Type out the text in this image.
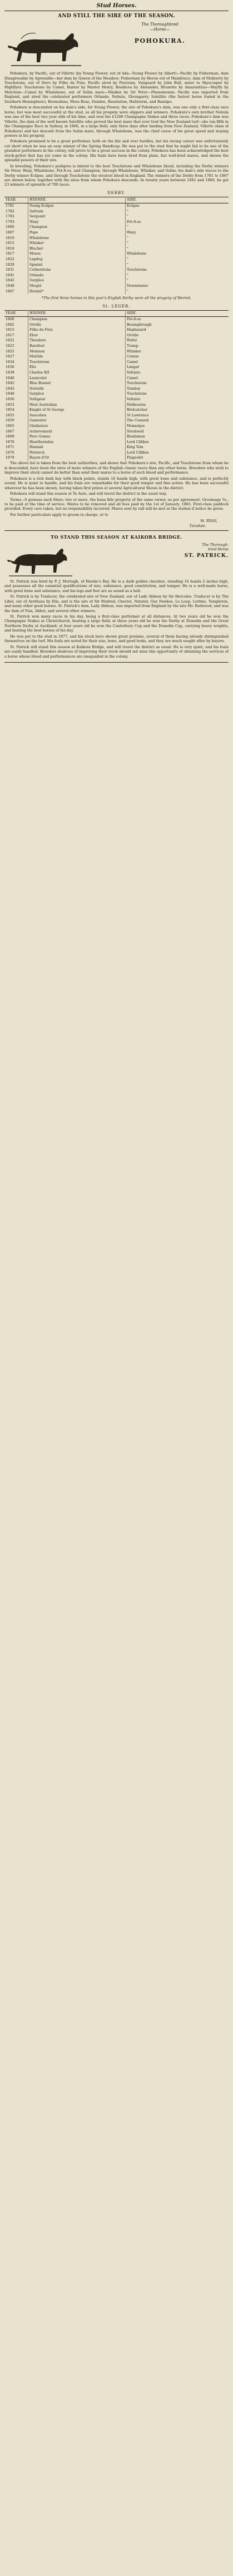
Stud Horses.
AND STILL THE SIRE OF THE SEASON.
The Thoroughbred
—Horse—
POHOKURA.

Pohokura, by Pacific, out of Villette (by Young Flower, out of Ada—Young Flower by Albert)—Pacific by Fisherman, dam Disagreeable by Agreeable—her dam by Queen of the Meadow; Fisherman by Heron out of Mainbrace, dam of Mulberry by Touchstone, out of Dove by Filho da Puta. Pacific sired by Peruvian, Vanguard by John Bull, sister to Skyscraper by Highflyer. Touchstone by Camel, Banter by Master Henry, Boadicea by Alexander, Brunette by Amaranthus—Mayfly by Matchem—Camel by Whalebone, out of Selim mare—Maiden by Sir Peter—Phenomenon. Pacific was imported from England, and sired the celebrated performers Orlando, Nebula, Gleongarry, Satellite (the fastest horse foaled in the Southern Hemisphere), Boomshine, Moss Rose, Dundee, Resolution, Hailstorm, and Banzipo.

Pohokura is descended on his dam's side, for Young Flower, the sire of Pohokura's dam, was one only a first-class race horse, but was most successful at the stud, as all his progeny were slippers and winners. Pohokura's own brother Nebula was one of the best two year olds of his time, and won the £1200 Champagne Stakes and three races. Pohokura's dam was Villette, the dam of the well known Satellite who proved the best mare that ever trod the New Zealand turf—she ran fifth in the Champagne Race in Sydney, in 1860, in a large field, only three days after landing from New Zealand, Villette (dam of Pohokura) and her descent from the Selim mare, through Whalebone, was the chief cause of his great speed and staying powers in his progeny.

Pohokura promised to be a great performer, both on the flat and over hurdles, but his racing career was unfortunately cut short when he was an easy winner of the Spring Handicap. He was put to the stud that he might fail to be one of the grandest performers in the colony, will prove to be a great success in the colony. Pohokura has been acknowledged the best stock-getter that has yet come in the colony. His foals have been bred from plain, but well-bred mares, and shown the splendid powers of their sire.

In breeding, Pohokura's pedigree is inbred to the best Touchstone and Whalebone blood, including the Derby winners Sir Peter, Waxy, Whalebone, Pot-8-os, and Champion, through Whalebone, Whisker, and Selim; his dam's side traces to the Derby winner Eclipse, and through Touchstone the stoutest blood in England. The winners of the Derby from 1781 to 1867 are shown below, together with the sires from whom Pohokura descends. In twenty years between 1841 and 1860, he got 23 winners of upwards of 700 races.

DERBY.
YEAR.	WINNER.	SIRE.
1781	Young Eclipse	Eclipse
1782	Saltram	"
1783	Sergeant	"
1793	Waxy	Pot-8-os
1800	Champion	"
1807	Pope	Waxy
1810	Whalebone	"
1815	Whisker	"
1816	Blucher	"
1817	Moses	Whalebone
1822	Lapdog	"
1829	Spaniel	"
1831	Cotherstone	Touchstone
1841	Orlando	"
1842	Surplice	"
1848	Musjid	Newminster
1867	Hermit*	"
*The first three horses in this year's English Derby were all the progeny of Hermit.
St. LEGER.
YEAR.	WINNER.	SIRE.
1800	Champion	Pot-8-os
1802	Orville	Beningbrough
1815	Filho da Puta	Haphazard
1817	Ebor	Orville
1822	Theodore	Woful
1823	Barefoot	Tramp
1825	Memnon	Whisker
1827	Matilda	Comus
1834	Touchstone	Camel
1836	Elis	Langar
1839	Charles XII	Voltaire
1840	Launcelot	Camel
1842	Blue Bonnet	Touchstone
1843	Nutwith	Tomboy
1848	Surplice	Touchstone
1850	Voltigeur	Voltaire
1853	West Australian	Melbourne
1854	Knight of St George	Birdcatcher
1855	Saucebox	St Lawrence
1859	Gamester	The Cossack
1865	Gladiateur	Monarque
1867	Achievement	Stockwell
1869	Pero Gomez	Beadsman
1870	Hawthornden	Lord Clifden
1871	Hannah	King Tom
1876	Petrarch	Lord Clifden
1879	Rayon d'Or	Flageolet

The above list is taken from the best authorities, and shows that Pohokura's sire, Pacific, and Touchstone from whom he is descended, have been the sires of more winners of the English classic races than any other horse. Breeders who wish to improve their stock cannot do better than send their mares to a horse of such blood and performance.

Pohokura is a rich dark bay with black points, stands 16 hands high, with great bone and substance, and is perfectly sound. He is quiet to handle, and his foals are remarkable for their good temper and fine action. He has been successful wherever he has been shown, having taken first prizes at several Agricultural Shows in the district.

Pohokura will stand this season at Te Aute, and will travel the district in the usual way.

Terms—6 guineas each Mare; two or more, the bona fide property of the same owner, as per agreement. Groomage 5s., to be paid at the time of service. Mares to be removed and all fees paid by the 1st of January, 1883. First-class paddock provided. Every care taken, but no responsibility incurred. Mares sent by rail will be met at the station if notice be given.

For further particulars apply to groom in charge, or to

M. RYAN,
Taradale.
TO STAND THIS SEASON AT KAIKORA BRIDGE.
The Thorough-
bred Horse
ST. PATRICK.

St. Patrick was bred by P. J. Murtagh, of Hawke's Bay. He is a dark golden chestnut, standing 16 hands 2 inches high, and possesses all the essential qualifications of size, substance, good constitution, and temper. He is a well-made horse, with great bone and substance, and his legs and feet are as sound as a bell.

St. Patrick is by Traducer, the celebrated sire of New Zealand, out of Lady Abbess by Sir Hercules. Traducer is by The Libel, out of Arethusa by Elis, and is the sire of Sir Modred, Cheviot, Natator, Guy Fawkes, Le Loup, Lurline, Templeton, and many other good horses. St. Patrick's dam, Lady Abbess, was imported from England by the late Mr. Redwood, and was the dam of Nun, Abbot, and several other winners.

St. Patrick won many races in his day, being a first-class performer at all distances. At two years old he won the Champagne Stakes at Christchurch, beating a large field; at three years old he won the Derby at Dunedin and the Great Northern Derby at Auckland; at four years old he won the Canterbury Cup and the Dunedin Cup, carrying heavy weights, and beating the best horses of his day.

He was put to the stud in 1877, and his stock have shown great promise, several of them having already distinguished themselves on the turf. His foals are noted for their size, bone, and good looks, and they are much sought after by buyers.

St. Patrick will stand this season at Kaikora Bridge, and will travel the district as usual. He is very quiet, and his foals are easily handled. Breeders desirous of improving their stock should not miss this opportunity of obtaining the services of a horse whose blood and performances are unequalled in the colony.
